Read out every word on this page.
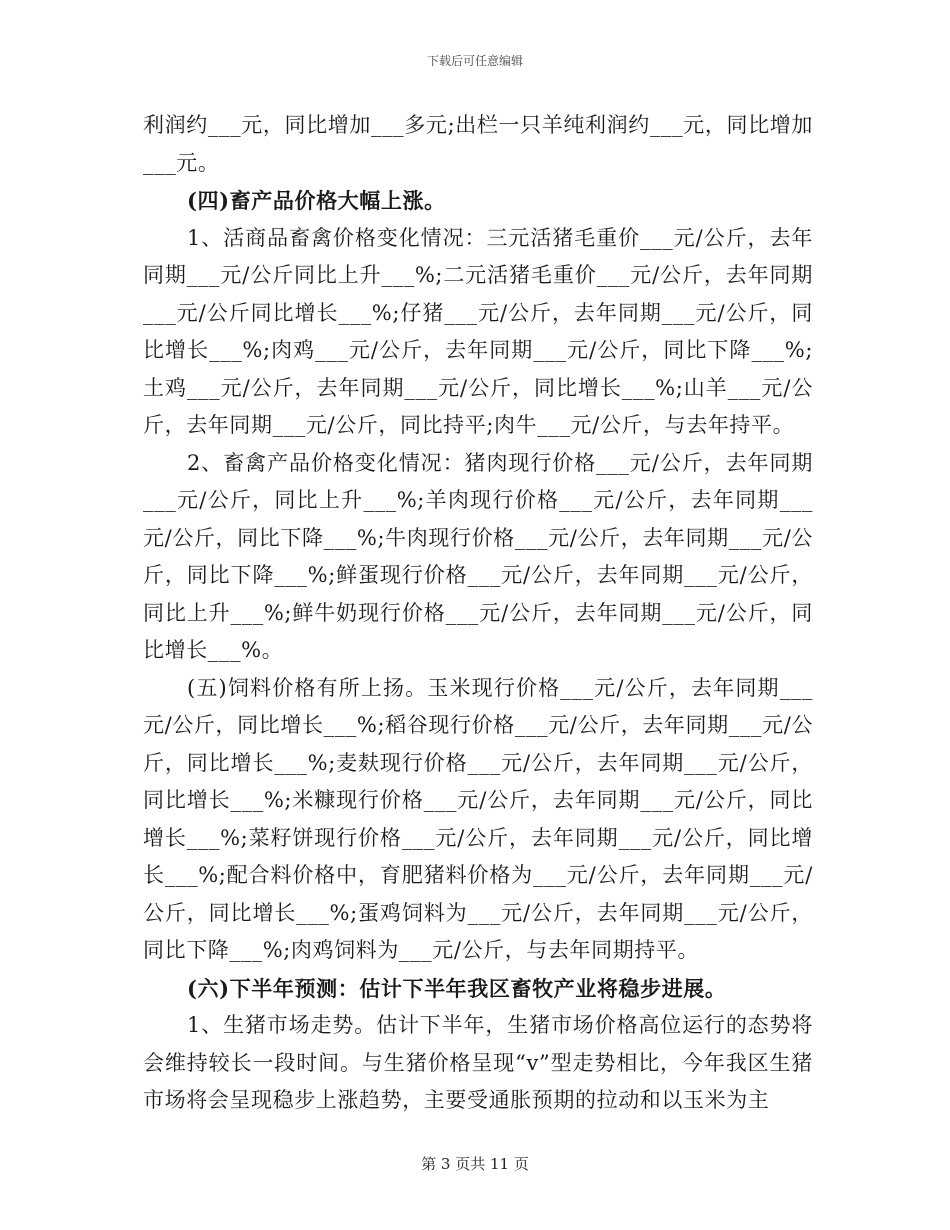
下载后可任意编辑

利润约___元，同比增加___多元;出栏一只羊纯利润约___元，同比增加___元。

(四)畜产品价格大幅上涨。

1、活商品畜禽价格变化情况：三元活猪毛重价___元/公斤，去年同期___元/公斤同比上升___%;二元活猪毛重价___元/公斤，去年同期___元/公斤同比增长___%;仔猪___元/公斤，去年同期___元/公斤，同比增长___%;肉鸡___元/公斤，去年同期___元/公斤，同比下降___%;土鸡___元/公斤，去年同期___元/公斤，同比增长___%;山羊___元/公斤，去年同期___元/公斤，同比持平;肉牛___元/公斤，与去年持平。

2、畜禽产品价格变化情况：猪肉现行价格___元/公斤，去年同期___元/公斤，同比上升___%;羊肉现行价格___元/公斤，去年同期___元/公斤，同比下降___%;牛肉现行价格___元/公斤，去年同期___元/公斤，同比下降___%;鲜蛋现行价格___元/公斤，去年同期___元/公斤，同比上升___%;鲜牛奶现行价格___元/公斤，去年同期___元/公斤，同比增长___%。

(五)饲料价格有所上扬。玉米现行价格___元/公斤，去年同期___元/公斤，同比增长___%;稻谷现行价格___元/公斤，去年同期___元/公斤，同比增长___%;麦麸现行价格___元/公斤，去年同期___元/公斤，同比增长___%;米糠现行价格___元/公斤，去年同期___元/公斤，同比增长___%;菜籽饼现行价格___元/公斤，去年同期___元/公斤，同比增长___%;配合料价格中，育肥猪料价格为___元/公斤，去年同期___元/公斤，同比增长___%;蛋鸡饲料为___元/公斤，去年同期___元/公斤，同比下降___%;肉鸡饲料为___元/公斤，与去年同期持平。

(六)下半年预测：估计下半年我区畜牧产业将稳步进展。

1、生猪市场走势。估计下半年，生猪市场价格高位运行的态势将会维持较长一段时间。与生猪价格呈现“v”型走势相比，今年我区生猪市场将会呈现稳步上涨趋势，主要受通胀预期的拉动和以玉米为主

第 3 页共 11 页
